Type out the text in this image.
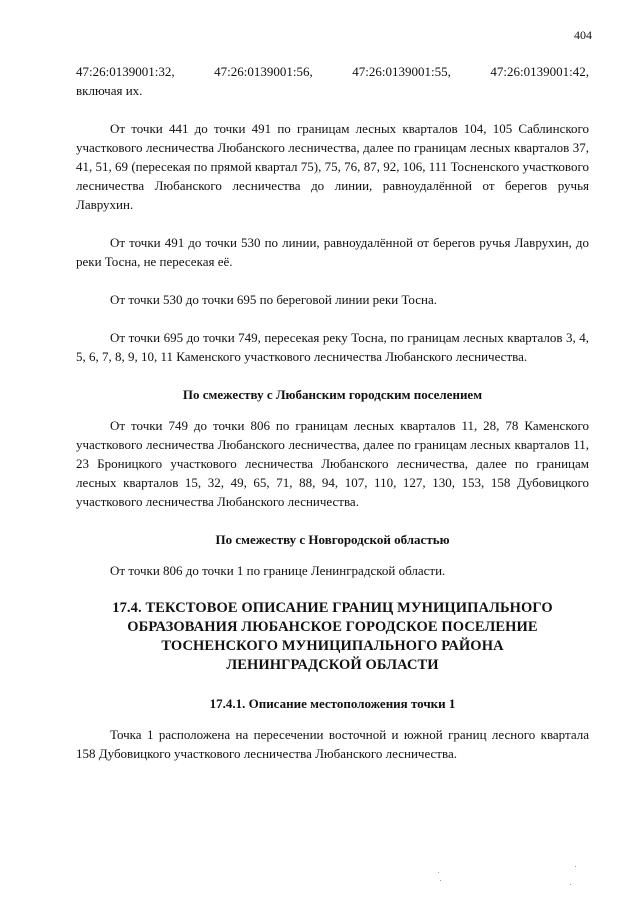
404
47:26:0139001:32,	47:26:0139001:56,	47:26:0139001:55,	47:26:0139001:42,

включая их.

От точки 441 до точки 491 по границам лесных кварталов 104, 105 Саблинского участкового лесничества Любанского лесничества, далее по границам лесных кварталов 37, 41, 51, 69 (пересекая по прямой квартал 75), 75, 76, 87, 92, 106, 111 Тосненского участкового лесничества Любанского лесничества до линии, равноудалённой от берегов ручья Лаврухин.

От точки 491 до точки 530 по линии, равноудалённой от берегов ручья Лаврухин, до реки Тосна, не пересекая её.

От точки 530 до точки 695 по береговой линии реки Тосна.

От точки 695 до точки 749, пересекая реку Тосна, по границам лесных кварталов 3, 4, 5, 6, 7, 8, 9, 10, 11 Каменского участкового лесничества Любанского лесничества.

По смежеству с Любанским городским поселением

От точки 749 до точки 806 по границам лесных кварталов 11, 28, 78 Каменского участкового лесничества Любанского лесничества, далее по границам лесных кварталов 11, 23 Броницкого участкового лесничества Любанского лесничества, далее по границам лесных кварталов 15, 32, 49, 65, 71, 88, 94, 107, 110, 127, 130, 153, 158 Дубовицкого участкового лесничества Любанского лесничества.

По смежеству с Новгородской областью

От точки 806 до точки 1 по границе Ленинградской области.

17.4. ТЕКСТОВОЕ ОПИСАНИЕ ГРАНИЦ МУНИЦИПАЛЬНОГО

ОБРАЗОВАНИЯ ЛЮБАНСКОЕ ГОРОДСКОЕ ПОСЕЛЕНИЕ

ТОСНЕНСКОГО МУНИЦИПАЛЬНОГО РАЙОНА

ЛЕНИНГРАДСКОЙ ОБЛАСТИ

17.4.1. Описание местоположения точки 1

Точка 1 расположена на пересечении восточной и южной границ лесного квартала 158 Дубовицкого участкового лесничества Любанского лесничества.
